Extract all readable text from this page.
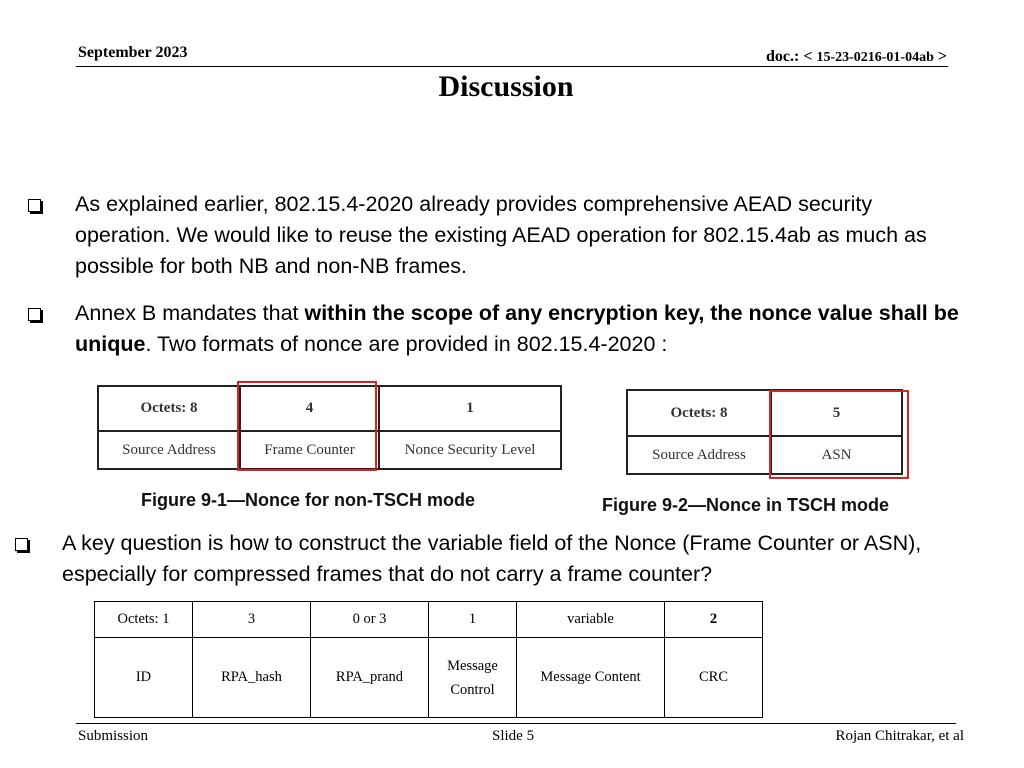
September 2023	doc.: < 15-23-0216-01-04ab >
Discussion
As explained earlier, 802.15.4-2020 already provides comprehensive AEAD security operation. We would like to reuse the existing AEAD operation for 802.15.4ab as much as possible for both NB and non-NB frames.
Annex B mandates that within the scope of any encryption key, the nonce value shall be unique. Two formats of nonce are provided in 802.15.4-2020 :
Octets: 8	4	1
Source Address	Frame Counter	Nonce Security Level
Figure 9-1—Nonce for non-TSCH mode
Octets: 8	5
Source Address	ASN
Figure 9-2—Nonce in TSCH mode
A key question is how to construct the variable field of the Nonce (Frame Counter or ASN), especially for compressed frames that do not carry a frame counter?
Octets: 1	3	0 or 3	1	variable	2
ID	RPA_hash	RPA_prand	Message Control	Message Content	CRC
Submission	Slide 5	Rojan Chitrakar, et al
